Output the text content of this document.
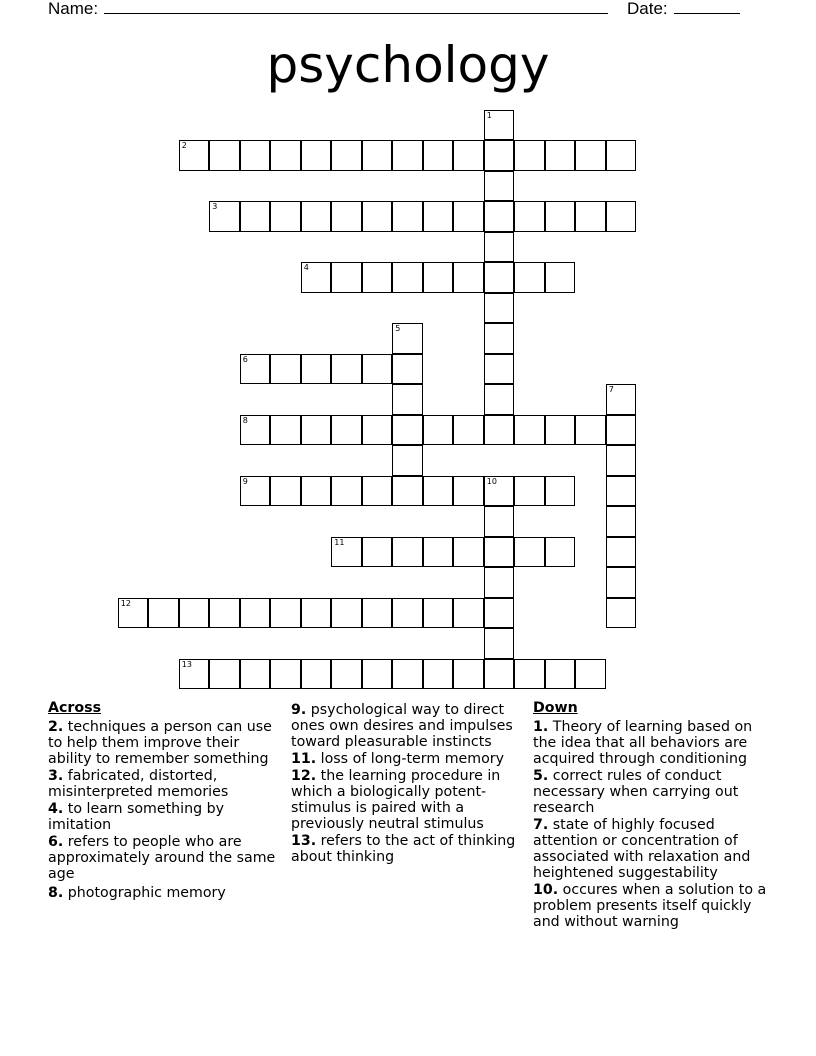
Name:	Date:
psychology
1
2
3
4
5
6
7
8
9	10
11
12
13
Across
2. techniques a person can use to help them improve their ability to remember something
3. fabricated, distorted, misinterpreted memories
4. to learn something by imitation
6. refers to people who are approximately around the same age
8. photographic memory
9. psychological way to direct ones own desires and impulses toward pleasurable instincts
11. loss of long-term memory
12. the learning procedure in which a biologically potent-stimulus is paired with a previously neutral stimulus
13. refers to the act of thinking about thinking
Down
1. Theory of learning based on the idea that all behaviors are acquired through conditioning
5. correct rules of conduct necessary when carrying out research
7. state of highly focused attention or concentration of associated with relaxation and heightened suggestability
10. occures when a solution to a problem presents itself quickly and without warning
